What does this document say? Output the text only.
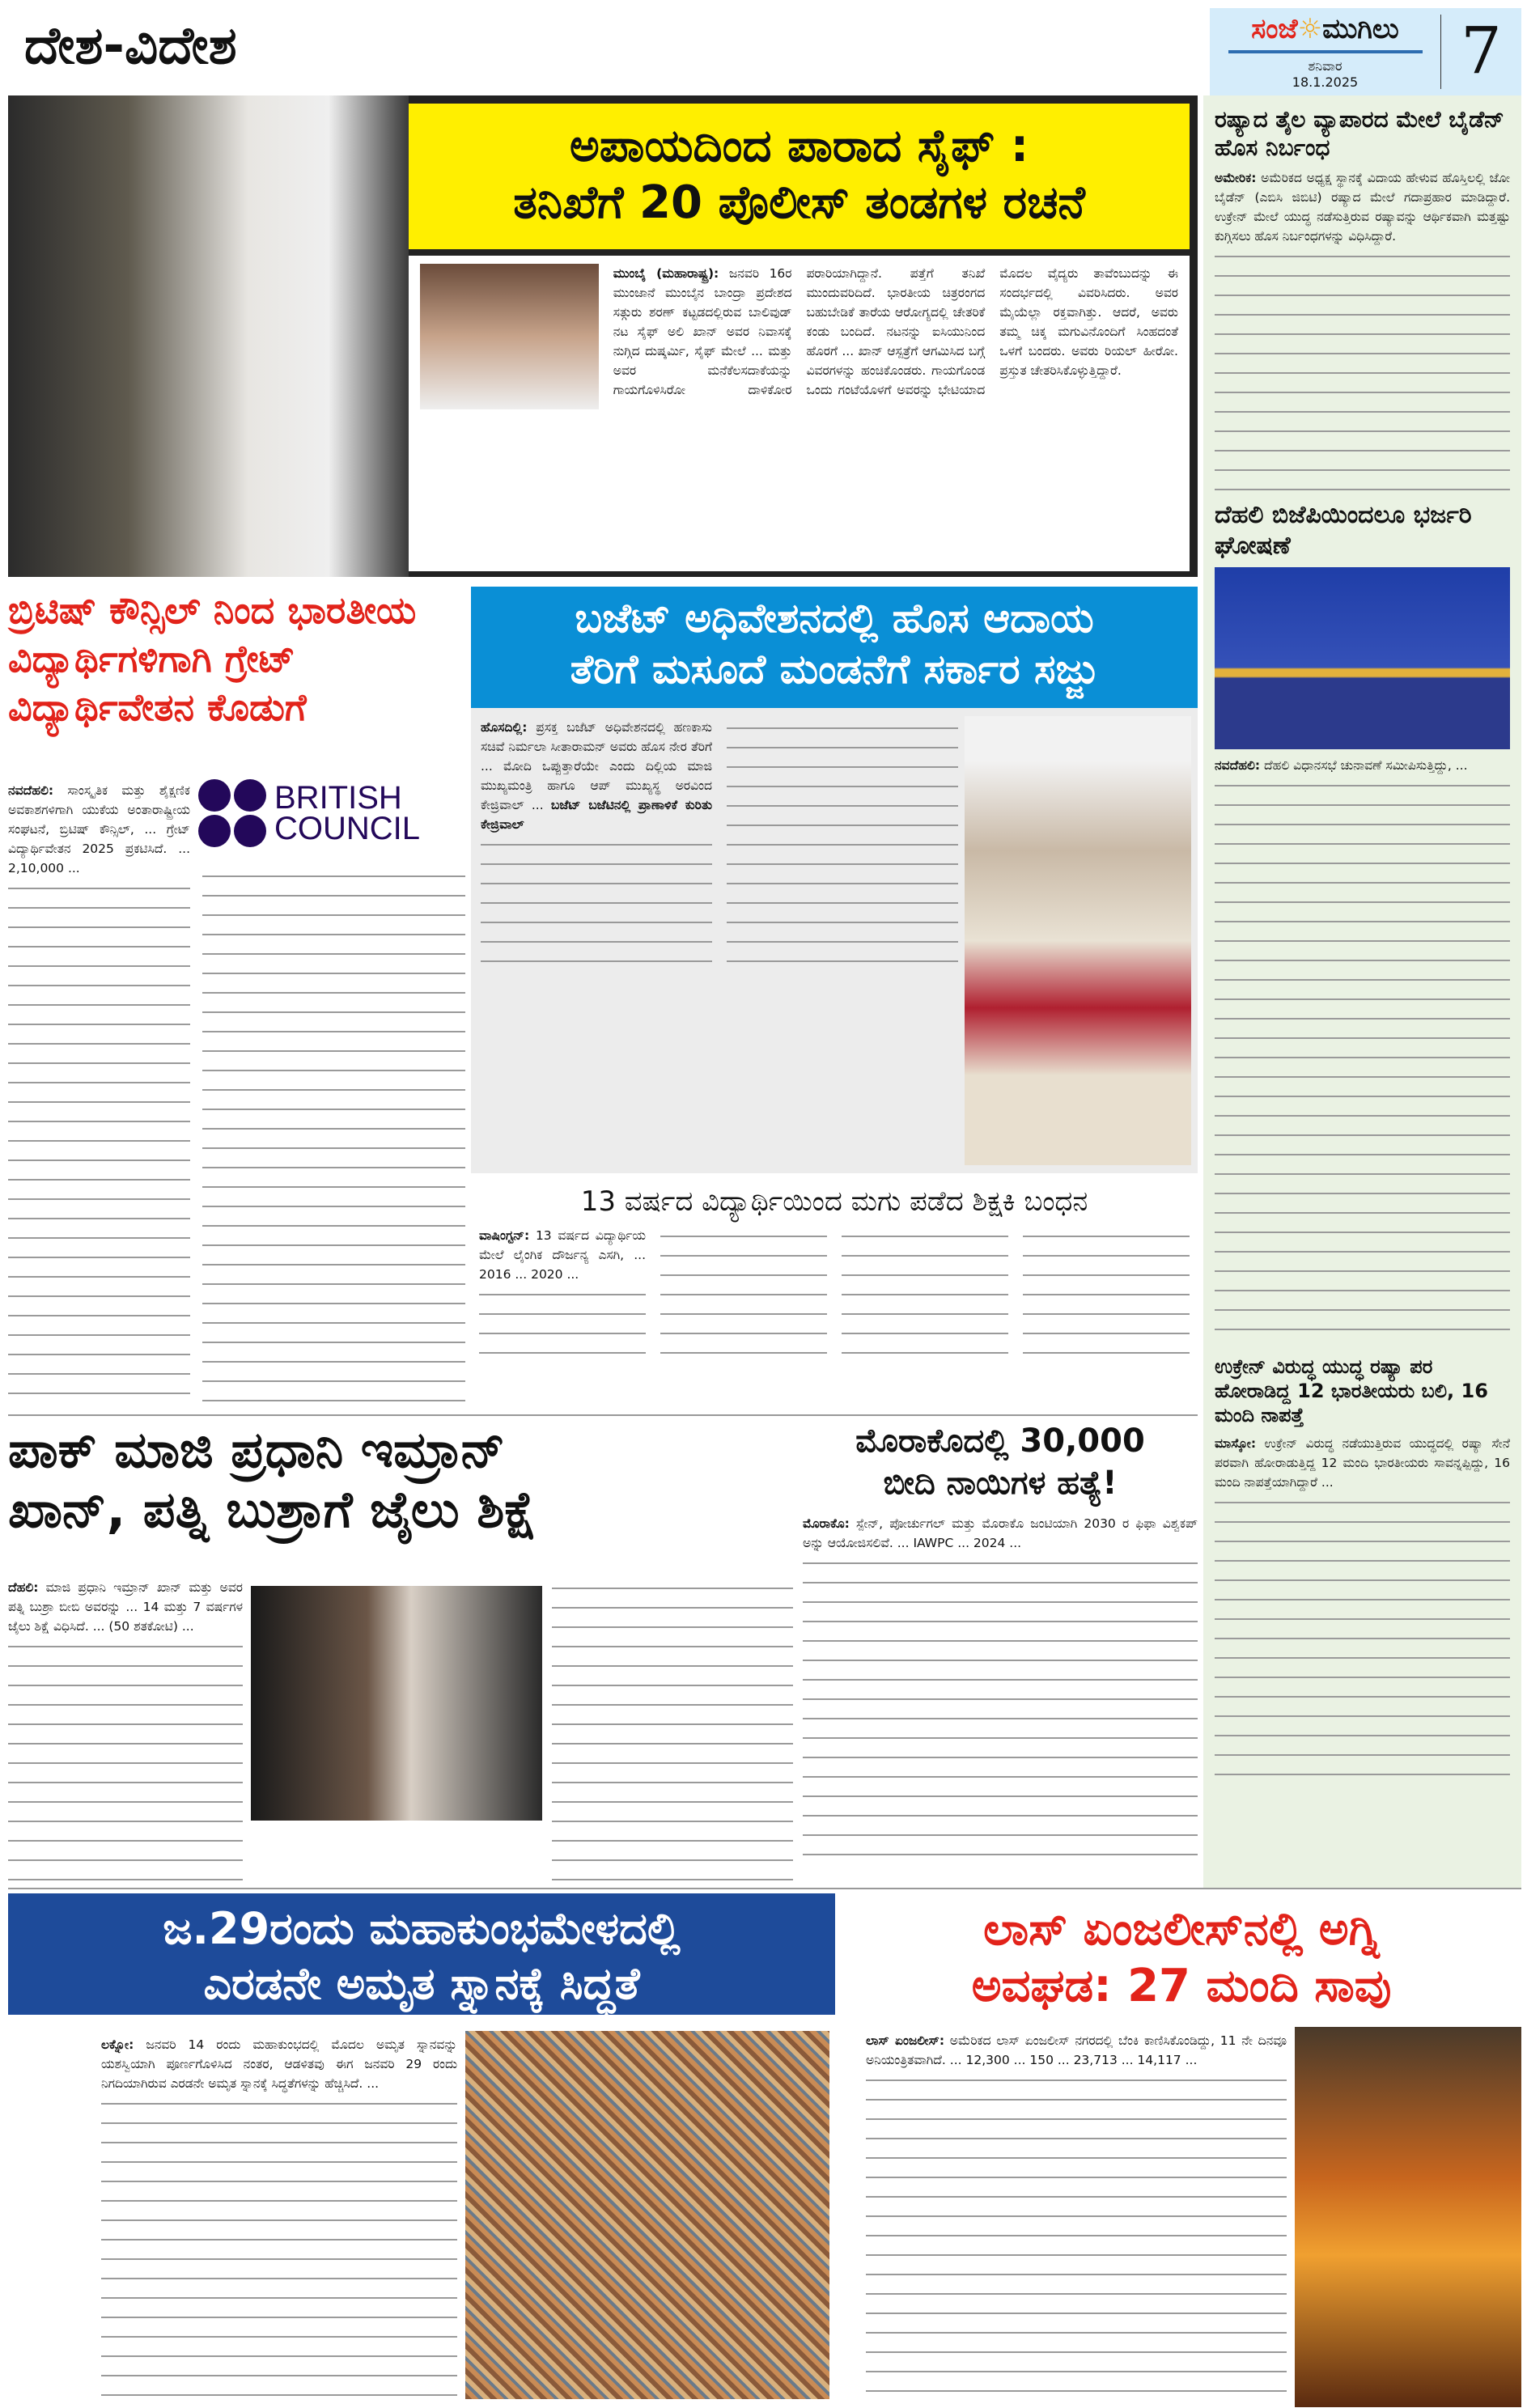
ದೇಶ-ವಿದೇಶ	ಸಂಜೆ☼ಮುಗಿಲು
ಶನಿವಾರ
18.1.2025	7
ಅಪಾಯದಿಂದ ಪಾರಾದ ಸೈಫ್ :
ತನಿಖೆಗೆ 20 ಪೊಲೀಸ್ ತಂಡಗಳ ರಚನೆ
ಮುಂಬೈ (ಮಹಾರಾಷ್ಟ್ರ): ಜನವರಿ 16ರ ಮುಂಜಾನೆ ಮುಂಬೈನ ಬಾಂದ್ರಾ ಪ್ರದೇಶದ ಸತ್ಗುರು ಶರಣ್ ಕಟ್ಟಡದಲ್ಲಿರುವ ಬಾಲಿವುಡ್ ನಟ ಸೈಫ್ ಅಲಿ ಖಾನ್ ಅವರ ನಿವಾಸಕ್ಕೆ ನುಗ್ಗಿದ ದುಷ್ಕರ್ಮಿ, ಸೈಫ್ ಮೇಲೆ ... ಮತ್ತು ಅವರ ಮನೆಕೆಲಸದಾಕೆಯನ್ನು ಗಾಯಗೊಳಿಸಿರೋ ದಾಳಿಕೋರ ಪರಾರಿಯಾಗಿದ್ದಾನೆ. ಪತ್ತೆಗೆ ತನಿಖೆ ಮುಂದುವರಿದಿದೆ. ಭಾರತೀಯ ಚಿತ್ರರಂಗದ ಬಹುಬೇಡಿಕೆ ತಾರೆಯ ಆರೋಗ್ಯದಲ್ಲಿ ಚೇತರಿಕೆ ಕಂಡು ಬಂದಿದೆ. ನಟನನ್ನು ಐಸಿಯುನಿಂದ ಹೊರಗೆ ... ಖಾನ್ ಆಸ್ಪತ್ರೆಗೆ ಆಗಮಿಸಿದ ಬಗ್ಗೆ ವಿವರಗಳನ್ನು ಹಂಚಿಕೊಂಡರು. ಗಾಯಗೊಂಡ ಒಂದು ಗಂಟೆಯೊಳಗೆ ಅವರನ್ನು ಭೇಟಿಯಾದ ಮೊದಲ ವೈದ್ಯರು ತಾವೆಂಬುದನ್ನು ಈ ಸಂದರ್ಭದಲ್ಲಿ ವಿವರಿಸಿದರು. ಅವರ ಮೈಯೆಲ್ಲಾ ರಕ್ತವಾಗಿತ್ತು. ಆದರೆ, ಅವರು ತಮ್ಮ ಚಿಕ್ಕ ಮಗುವಿನೊಂದಿಗೆ ಸಿಂಹದಂತೆ ಒಳಗೆ ಬಂದರು. ಅವರು ರಿಯಲ್ ಹೀರೋ. ಪ್ರಸ್ತುತ ಚೇತರಿಸಿಕೊಳ್ಳುತ್ತಿದ್ದಾರೆ.
ರಷ್ಯಾದ ತೈಲ ವ್ಯಾಪಾರದ ಮೇಲೆ ಬೈಡೆನ್ ಹೊಸ ನಿರ್ಬಂಧ
ಅಮೇರಿಕ: ಅಮೆರಿಕದ ಅಧ್ಯಕ್ಷ ಸ್ಥಾನಕ್ಕೆ ವಿದಾಯ ಹೇಳುವ ಹೊಸ್ತಿಲಲ್ಲಿ ಜೋ ಬೈಡೆನ್ (ಎಬಿಸಿ ಜಿಬಿಟಿ) ರಷ್ಯಾದ ಮೇಲೆ ಗದಾಪ್ರಹಾರ ಮಾಡಿದ್ದಾರೆ. ಉಕ್ರೇನ್ ಮೇಲೆ ಯುದ್ಧ ನಡೆಸುತ್ತಿರುವ ರಷ್ಯಾವನ್ನು ಆರ್ಥಿಕವಾಗಿ ಮತ್ತಷ್ಟು ಕುಗ್ಗಿಸಲು ಹೊಸ ನಿರ್ಬಂಧಗಳನ್ನು ವಿಧಿಸಿದ್ದಾರೆ.
ದೆಹಲಿ ಬಿಜೆಪಿಯಿಂದಲೂ ಭರ್ಜರಿ ಘೋಷಣೆ
ನವದೆಹಲಿ: ದೆಹಲಿ ವಿಧಾನಸಭೆ ಚುನಾವಣೆ ಸಮೀಪಿಸುತ್ತಿದ್ದು, ...
ಉಕ್ರೇನ್ ವಿರುದ್ಧ ಯುದ್ಧ ರಷ್ಯಾ ಪರ ಹೋರಾಡಿದ್ದ 12 ಭಾರತೀಯರು ಬಲಿ, 16 ಮಂದಿ ನಾಪತ್ತೆ
ಮಾಸ್ಕೋ: ಉಕ್ರೇನ್ ವಿರುದ್ಧ ನಡೆಯುತ್ತಿರುವ ಯುದ್ಧದಲ್ಲಿ ರಷ್ಯಾ ಸೇನೆ ಪರವಾಗಿ ಹೋರಾಡುತ್ತಿದ್ದ 12 ಮಂದಿ ಭಾರತೀಯರು ಸಾವನ್ನಪ್ಪಿದ್ದು, 16 ಮಂದಿ ನಾಪತ್ತೆಯಾಗಿದ್ದಾರೆ ...
ಬ್ರಿಟಿಷ್ ಕೌನ್ಸಿಲ್ ನಿಂದ ಭಾರತೀಯ ವಿದ್ಯಾರ್ಥಿಗಳಿಗಾಗಿ ಗ್ರೇಟ್ ವಿದ್ಯಾರ್ಥಿವೇತನ ಕೊಡುಗೆ
BRITISH
COUNCIL
ನವದೆಹಲಿ: ಸಾಂಸ್ಕೃತಿಕ ಮತ್ತು ಶೈಕ್ಷಣಿಕ ಅವಕಾಶಗಳಿಗಾಗಿ ಯುಕೆಯ ಅಂತಾರಾಷ್ಟ್ರೀಯ ಸಂಘಟನೆ, ಬ್ರಿಟಿಷ್ ಕೌನ್ಸಿಲ್, ... ಗ್ರೇಟ್ ವಿದ್ಯಾರ್ಥಿವೇತನ 2025 ಪ್ರಕಟಿಸಿದೆ. ... 2,10,000 ...
ಬಜೆಟ್ ಅಧಿವೇಶನದಲ್ಲಿ ಹೊಸ ಆದಾಯ
ತೆರಿಗೆ ಮಸೂದೆ ಮಂಡನೆಗೆ ಸರ್ಕಾರ ಸಜ್ಜು
ಹೊಸದಿಲ್ಲಿ: ಪ್ರಸಕ್ತ ಬಜೆಟ್ ಅಧಿವೇಶನದಲ್ಲಿ ಹಣಕಾಸು ಸಚಿವೆ ನಿರ್ಮಲಾ ಸೀತಾರಾಮನ್ ಅವರು ಹೊಸ ನೇರ ತೆರಿಗೆ ... ಮೋದಿ ಒಪ್ಪುತ್ತಾರೆಯೇ ಎಂದು ದಿಲ್ಲಿಯ ಮಾಜಿ ಮುಖ್ಯಮಂತ್ರಿ ಹಾಗೂ ಆಪ್ ಮುಖ್ಯಸ್ಥ ಅರವಿಂದ ಕೇಜ್ರಿವಾಲ್ ... ಬಜೆಟ್ ಬಜೆಟಿನಲ್ಲಿ ಪ್ರಾಣಾಳಿಕೆ ಕುರಿತು ಕೇಜ್ರಿವಾಲ್
13 ವರ್ಷದ ವಿದ್ಯಾರ್ಥಿಯಿಂದ ಮಗು ಪಡೆದ ಶಿಕ್ಷಕಿ ಬಂಧನ
ವಾಷಿಂಗ್ಟನ್: 13 ವರ್ಷದ ವಿದ್ಯಾರ್ಥಿಯ ಮೇಲೆ ಲೈಂಗಿಕ ದೌರ್ಜನ್ಯ ಎಸಗಿ, ... 2016 ... 2020 ...
ಪಾಕ್ ಮಾಜಿ ಪ್ರಧಾನಿ ಇಮ್ರಾನ್
ಖಾನ್, ಪತ್ನಿ ಬುಶ್ರಾಗೆ ಜೈಲು ಶಿಕ್ಷೆ
ದೆಹಲಿ: ಮಾಜಿ ಪ್ರಧಾನಿ ಇಮ್ರಾನ್ ಖಾನ್ ಮತ್ತು ಅವರ ಪತ್ನಿ ಬುಶ್ರಾ ಬೀಬಿ ಅವರನ್ನು ... 14 ಮತ್ತು 7 ವರ್ಷಗಳ ಜೈಲು ಶಿಕ್ಷೆ ವಿಧಿಸಿದೆ. ... (50 ಶತಕೋಟಿ) ...
ಮೊರಾಕೊದಲ್ಲಿ 30,000
ಬೀದಿ ನಾಯಿಗಳ ಹತ್ಯೆ!
ಮೊರಾಕೊ: ಸ್ಪೇನ್, ಪೋರ್ಚುಗಲ್ ಮತ್ತು ಮೊರಾಕೊ ಜಂಟಿಯಾಗಿ 2030 ರ ಫಿಫಾ ವಿಶ್ವಕಪ್ ಅನ್ನು ಆಯೋಜಿಸಲಿವೆ. ... IAWPC ... 2024 ...
ಜ.29ರಂದು ಮಹಾಕುಂಭಮೇಳದಲ್ಲಿ
ಎರಡನೇ ಅಮೃತ ಸ್ನಾನಕ್ಕೆ ಸಿದ್ಧತೆ
ಲಕ್ನೋ: ಜನವರಿ 14 ರಂದು ಮಹಾಕುಂಭದಲ್ಲಿ ಮೊದಲ ಅಮೃತ ಸ್ನಾನವನ್ನು ಯಶಸ್ವಿಯಾಗಿ ಪೂರ್ಣಗೊಳಿಸಿದ ನಂತರ, ಆಡಳಿತವು ಈಗ ಜನವರಿ 29 ರಂದು ನಿಗದಿಯಾಗಿರುವ ಎರಡನೇ ಅಮೃತ ಸ್ನಾನಕ್ಕೆ ಸಿದ್ಧತೆಗಳನ್ನು ಹೆಚ್ಚಿಸಿದೆ. ...
ಲಾಸ್ ಏಂಜಲೀಸ್‌ನಲ್ಲಿ ಅಗ್ನಿ
ಅವಘಡ: 27 ಮಂದಿ ಸಾವು
ಲಾಸ್ ಏಂಜಲೀಸ್: ಅಮೆರಿಕದ ಲಾಸ್ ಏಂಜಲೀಸ್ ನಗರದಲ್ಲಿ ಬೆಂಕಿ ಕಾಣಿಸಿಕೊಂಡಿದ್ದು, 11 ನೇ ದಿನವೂ ಅನಿಯಂತ್ರಿತವಾಗಿದೆ. ... 12,300 ... 150 ... 23,713 ... 14,117 ...
